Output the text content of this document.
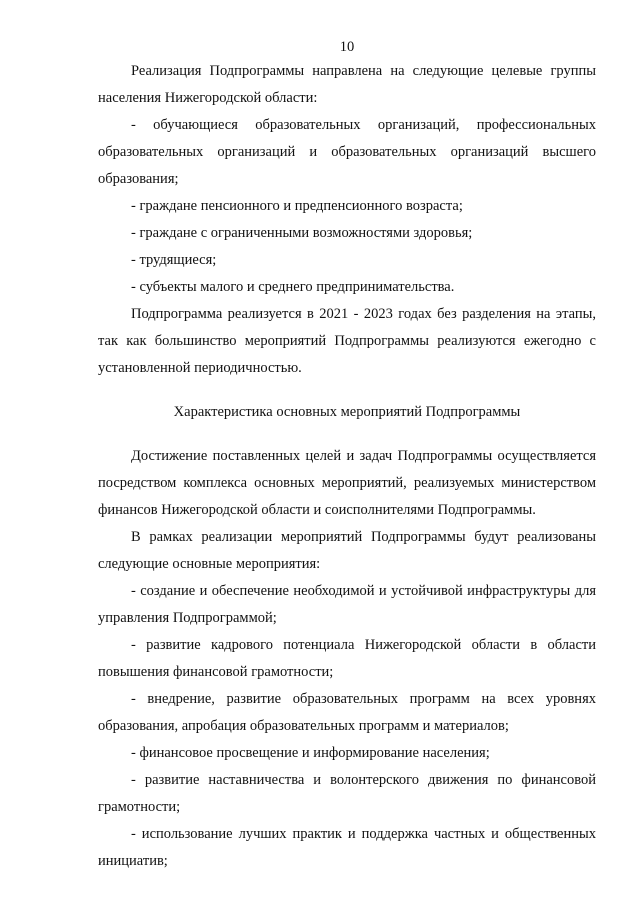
10

Реализация Подпрограммы направлена на следующие целевые группы населения Нижегородской области:

- обучающиеся образовательных организаций, профессиональных образовательных организаций и образовательных организаций высшего образования;

- граждане пенсионного и предпенсионного возраста;

- граждане с ограниченными возможностями здоровья;

- трудящиеся;

- субъекты малого и среднего предпринимательства.

Подпрограмма реализуется в 2021 - 2023 годах без разделения на этапы, так как большинство мероприятий Подпрограммы реализуются ежегодно с установленной периодичностью.

Характеристика основных мероприятий Подпрограммы

Достижение поставленных целей и задач Подпрограммы осуществляется посредством комплекса основных мероприятий, реализуемых министерством финансов Нижегородской области и соисполнителями Подпрограммы.

В рамках реализации мероприятий Подпрограммы будут реализованы следующие основные мероприятия:

- создание и обеспечение необходимой и устойчивой инфраструктуры для управления Подпрограммой;

- развитие кадрового потенциала Нижегородской области в области повышения финансовой грамотности;

- внедрение, развитие образовательных программ на всех уровнях образования, апробация образовательных программ и материалов;

- финансовое просвещение и информирование населения;

- развитие наставничества и волонтерского движения по финансовой грамотности;

- использование лучших практик и поддержка частных и общественных инициатив;
